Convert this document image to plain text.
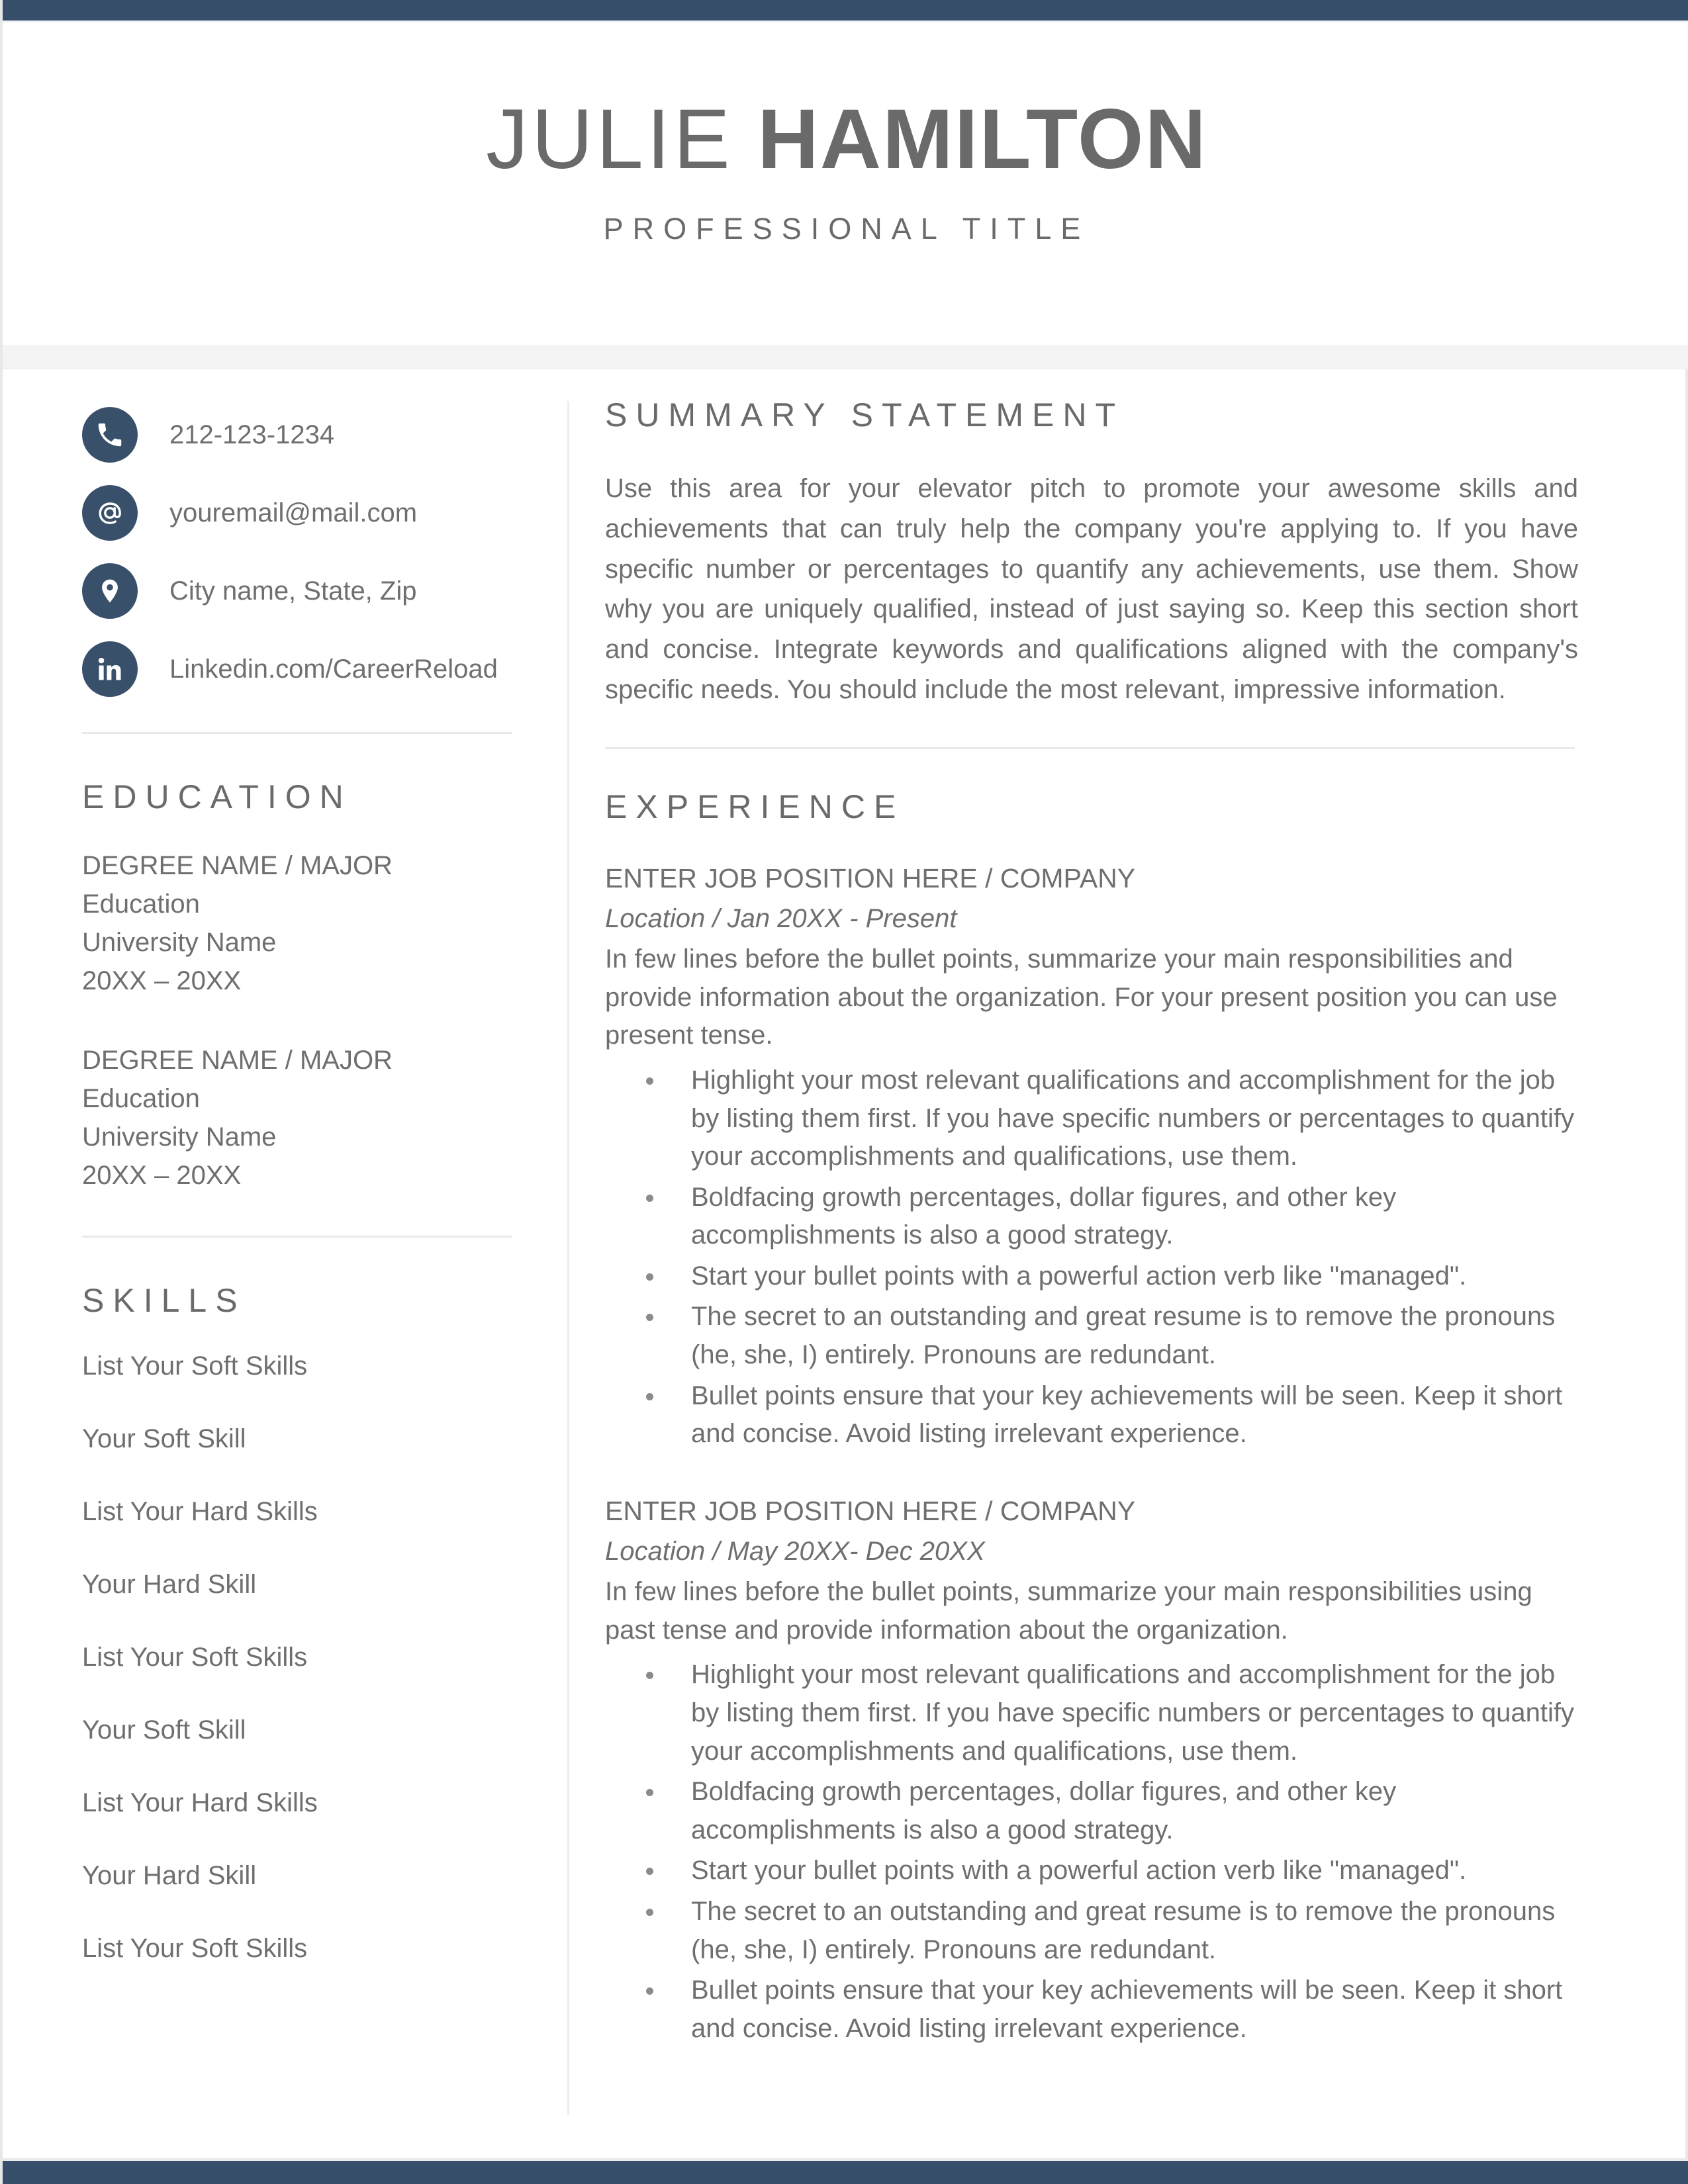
JULIE HAMILTON
PROFESSIONAL TITLE
212-123-1234
youremail@mail.com
City name, State, Zip
Linkedin.com/CareerReload
EDUCATION
DEGREE NAME / MAJOR
Education
University Name
20XX – 20XX
DEGREE NAME / MAJOR
Education
University Name
20XX – 20XX
SKILLS
List Your Soft Skills
Your Soft Skill
List Your Hard Skills
Your Hard Skill
List Your Soft Skills
Your Soft Skill
List Your Hard Skills
Your Hard Skill
List Your Soft Skills
SUMMARY STATEMENT
Use this area for your elevator pitch to promote your awesome skills and achievements that can truly help the company you're applying to. If you have specific number or percentages to quantify any achievements, use them. Show why you are uniquely qualified, instead of just saying so. Keep this section short and concise. Integrate keywords and qualifications aligned with the company's specific needs. You should include the most relevant, impressive information.
EXPERIENCE
ENTER JOB POSITION HERE / COMPANY
Location / Jan 20XX - Present
In few lines before the bullet points, summarize your main responsibilities and provide information about the organization. For your present position you can use present tense.
Highlight your most relevant qualifications and accomplishment for the job by listing them first. If you have specific numbers or percentages to quantify your accomplishments and qualifications, use them.
Boldfacing growth percentages, dollar figures, and other key accomplishments is also a good strategy.
Start your bullet points with a powerful action verb like "managed".
The secret to an outstanding and great resume is to remove the pronouns (he, she, I) entirely. Pronouns are redundant.
Bullet points ensure that your key achievements will be seen. Keep it short and concise. Avoid listing irrelevant experience.
ENTER JOB POSITION HERE / COMPANY
Location / May 20XX- Dec 20XX
In few lines before the bullet points, summarize your main responsibilities using past tense and provide information about the organization.
Highlight your most relevant qualifications and accomplishment for the job by listing them first. If you have specific numbers or percentages to quantify your accomplishments and qualifications, use them.
Boldfacing growth percentages, dollar figures, and other key accomplishments is also a good strategy.
Start your bullet points with a powerful action verb like "managed".
The secret to an outstanding and great resume is to remove the pronouns (he, she, I) entirely. Pronouns are redundant.
Bullet points ensure that your key achievements will be seen. Keep it short and concise. Avoid listing irrelevant experience.
